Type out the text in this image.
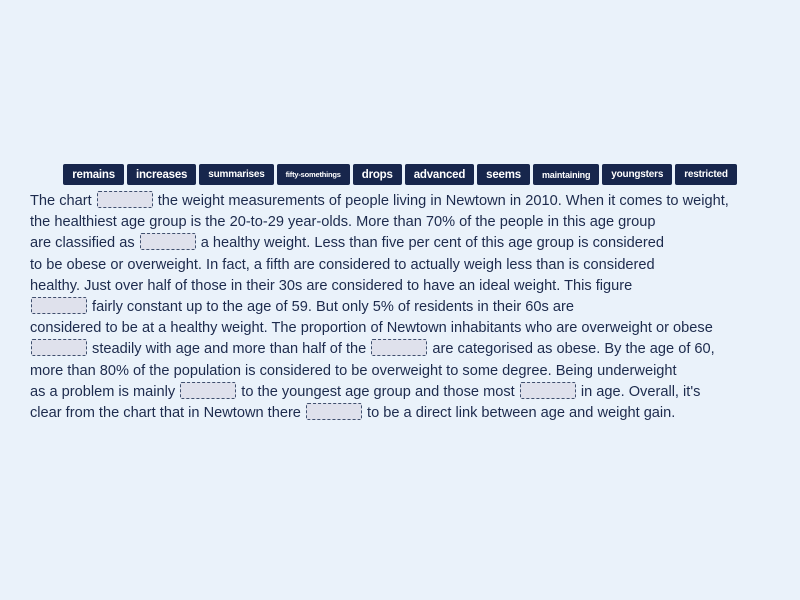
remains	increases	summarises	fifty-somethings	drops	advanced	seems	maintaining	youngsters	restricted
The chart	the weight measurements of people living in Newtown in 2010. When it comes to weight,
the healthiest age group is the 20-to-29 year-olds. More than 70% of the people in this age group
are classified as	a healthy weight. Less than five per cent of this age group is considered
to be obese or overweight. In fact, a fifth are considered to actually weigh less than is considered
healthy. Just over half of those in their 30s are considered to have an ideal weight. This figure
fairly constant up to the age of 59. But only 5% of residents in their 60s are
considered to be at a healthy weight. The proportion of Newtown inhabitants who are overweight or obese
steadily with age and more than half of the	are categorised as obese. By the age of 60,
more than 80% of the population is considered to be overweight to some degree. Being underweight
as a problem is mainly	to the youngest age group and those most	in age. Overall, it's
clear from the chart that in Newtown there	to be a direct link between age and weight gain.
